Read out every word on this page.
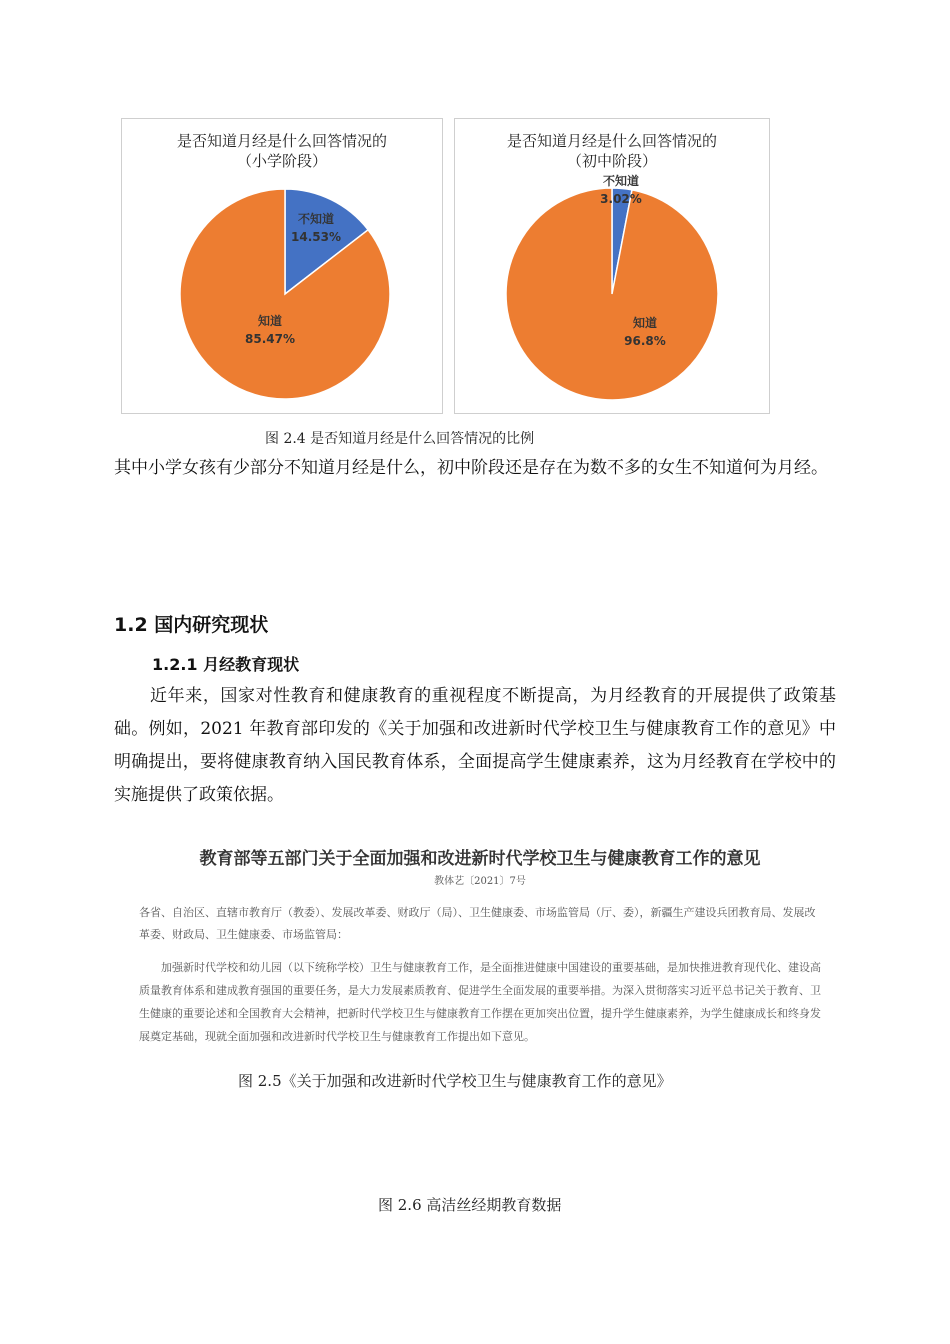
是否知道月经是什么回答情况的
（小学阶段）
不知道
14.53%
知道
85.47%
是否知道月经是什么回答情况的
（初中阶段）
不知道
3.02%
知道
96.8%
图 2.4 是否知道月经是什么回答情况的比例
其中小学女孩有少部分不知道月经是什么，初中阶段还是存在为数不多的女生不知道何为月经。
1.2 国内研究现状
1.2.1 月经教育现状
近年来，国家对性教育和健康教育的重视程度不断提高，为月经教育的开展提供了政策基础。例如，2021 年教育部印发的《关于加强和改进新时代学校卫生与健康教育工作的意见》中明确提出，要将健康教育纳入国民教育体系，全面提高学生健康素养，这为月经教育在学校中的实施提供了政策依据。
教育部等五部门关于全面加强和改进新时代学校卫生与健康教育工作的意见
教体艺〔2021〕7号
各省、自治区、直辖市教育厅（教委）、发展改革委、财政厅（局）、卫生健康委、市场监管局（厅、委），新疆生产建设兵团教育局、发展改革委、财政局、卫生健康委、市场监管局：
加强新时代学校和幼儿园（以下统称学校）卫生与健康教育工作，是全面推进健康中国建设的重要基础，是加快推进教育现代化、建设高质量教育体系和建成教育强国的重要任务，是大力发展素质教育、促进学生全面发展的重要举措。为深入贯彻落实习近平总书记关于教育、卫生健康的重要论述和全国教育大会精神，把新时代学校卫生与健康教育工作摆在更加突出位置，提升学生健康素养，为学生健康成长和终身发展奠定基础，现就全面加强和改进新时代学校卫生与健康教育工作提出如下意见。
图 2.5《关于加强和改进新时代学校卫生与健康教育工作的意见》
图 2.6 高洁丝经期教育数据
